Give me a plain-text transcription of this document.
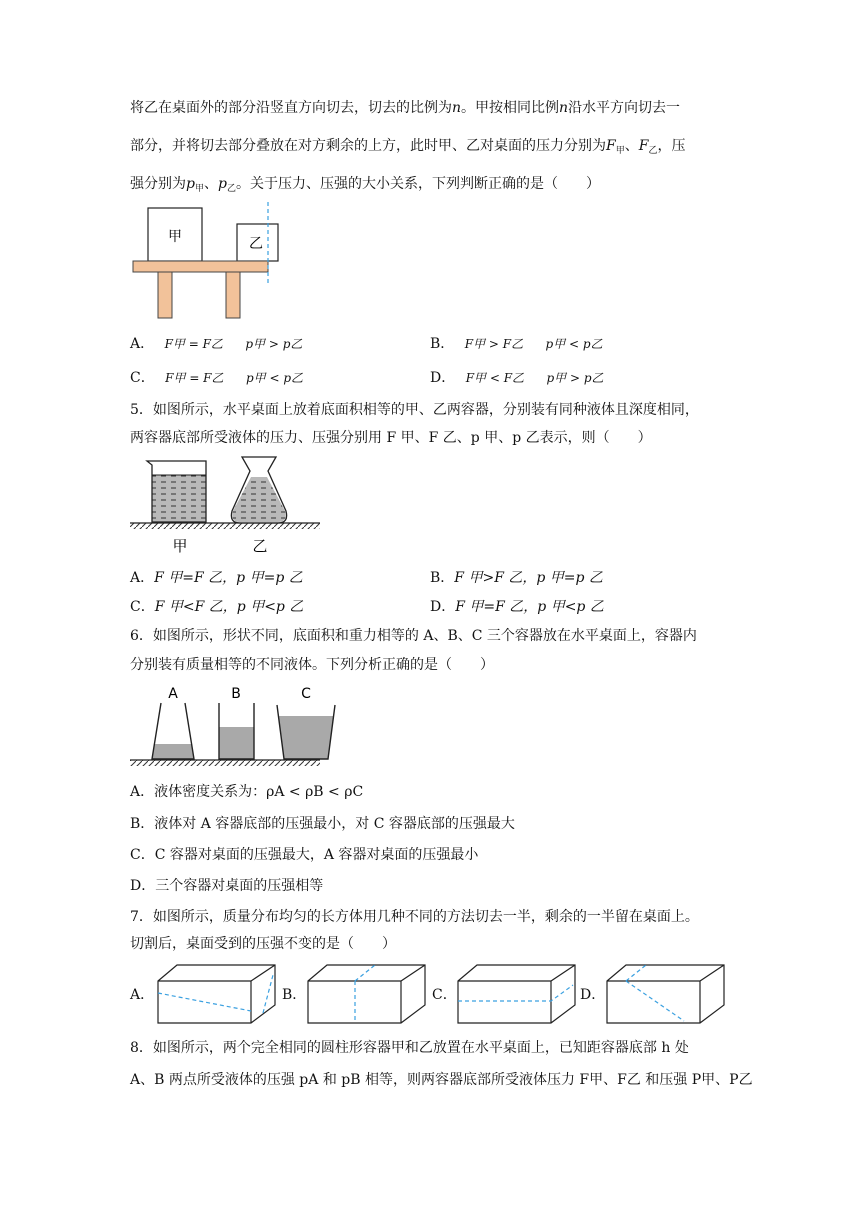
将乙在桌面外的部分沿竖直方向切去，切去的比例为n。甲按相同比例n沿水平方向切去一
部分，并将切去部分叠放在对方剩余的上方，此时甲、乙对桌面的压力分别为$F_甲$、$F_乙$，压
强分别为$p_甲$、$p_乙$。关于压力、压强的大小关系，下列判断正确的是（　　）
甲	乙
A． F甲 = F乙 p甲 > p乙	B． F甲 > F乙 p甲 < p乙
C． F甲 = F乙 p甲 < p乙	D． F甲 < F乙 p甲 > p乙
5．如图所示，水平桌面上放着底面积相等的甲、乙两容器，分别装有同种液体且深度相同，
两容器底部所受液体的压力、压强分别用 F 甲、F 乙、p 甲、p 乙表示，则（　　）
甲	乙
A．F 甲=F 乙，p 甲=p 乙	B．F 甲>F 乙，p 甲=p 乙
C．F 甲<F 乙，p 甲<p 乙	D．F 甲=F 乙，p 甲<p 乙
6．如图所示，形状不同，底面积和重力相等的 A、B、C 三个容器放在水平桌面上，容器内
分别装有质量相等的不同液体。下列分析正确的是（　　）
A	B	C
A．液体密度关系为：ρA < ρB < ρC
B．液体对 A 容器底部的压强最小，对 C 容器底部的压强最大
C．C 容器对桌面的压强最大，A 容器对桌面的压强最小
D．三个容器对桌面的压强相等
7．如图所示，质量分布均匀的长方体用几种不同的方法切去一半，剩余的一半留在桌面上。
切割后，桌面受到的压强不变的是（　　）
A．	B．	C．	D．
8．如图所示，两个完全相同的圆柱形容器甲和乙放置在水平桌面上，已知距容器底部 h 处
A、B 两点所受液体的压强 pA 和 pB 相等，则两容器底部所受液体压力 F甲、F乙 和压强 P甲、P乙
